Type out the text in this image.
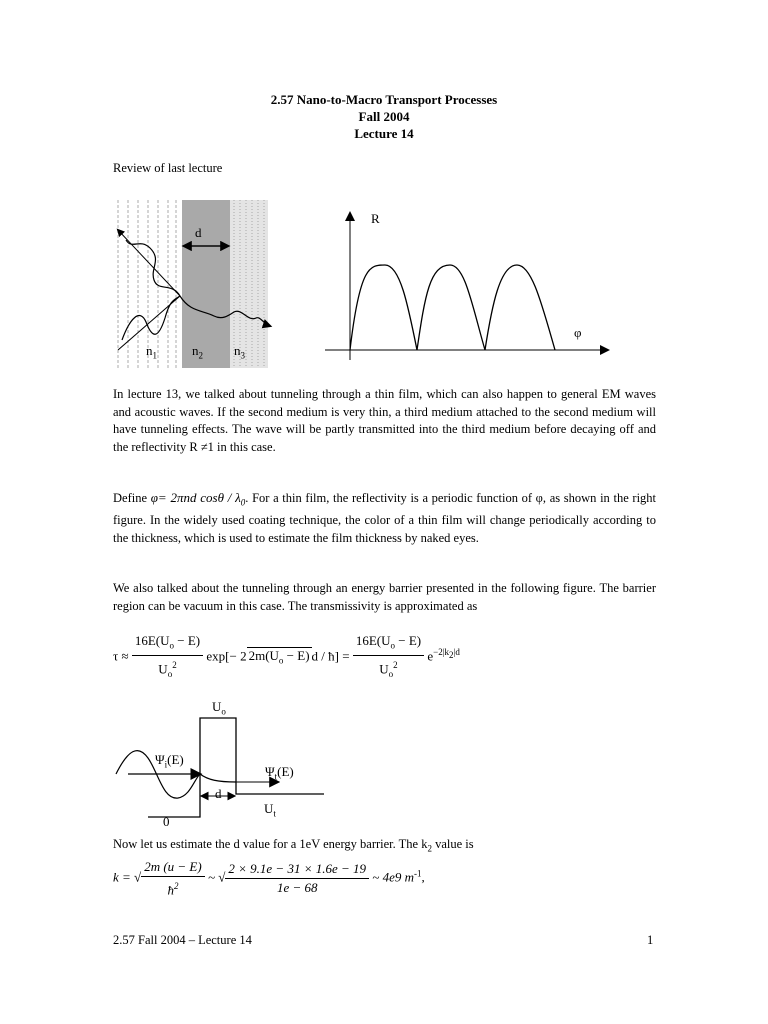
2.57 Nano-to-Macro Transport Processes
Fall 2004
Lecture 14
Review of last lecture
d
$n_1$	$n_2$ $n_3$
R
φ
In lecture 13, we talked about tunneling through a thin film, which can also happen to general EM waves and acoustic waves. If the second medium is very thin, a third medium attached to the second medium will have tunneling effects. The wave will be partly transmitted into the third medium before decaying off and the reflectivity R ≠1 in this case.
Define φ= 2πnd cosθ / $\lambda_0$. For a thin film, the reflectivity is a periodic function of φ, as shown in the right figure. In the widely used coating technique, the color of a thin film will change periodically according to the thickness, which is used to estimate the film thickness by naked eyes.
We also talked about the tunneling through an energy barrier presented in the following figure. The barrier region can be vacuum in this case. The transmissivity is approximated as
$\tau \approx \frac{16E(U_o - E)}{U_o^2} \exp[- 2$ $2m(U_o - E)$ d / ħ] = $\frac{16E(U_o - E)}{U_o^2} e^{-2|k_2|d}$
$U_o$
$\Psi_i(E)$
$\Psi_t(E)$
d
$U_t$
0
Now let us estimate the d value for a 1eV energy barrier. The $k_2$ value is
k = √ $\frac{2m (u - E)}{ħ^2}$ ~ √ $\frac{2 \times 9.1e - 31 \times 1.6e - 19}{1e - 68}$ ~ 4e9 $m^{-1}$,
2.57 Fall 2004 – Lecture 14	1
